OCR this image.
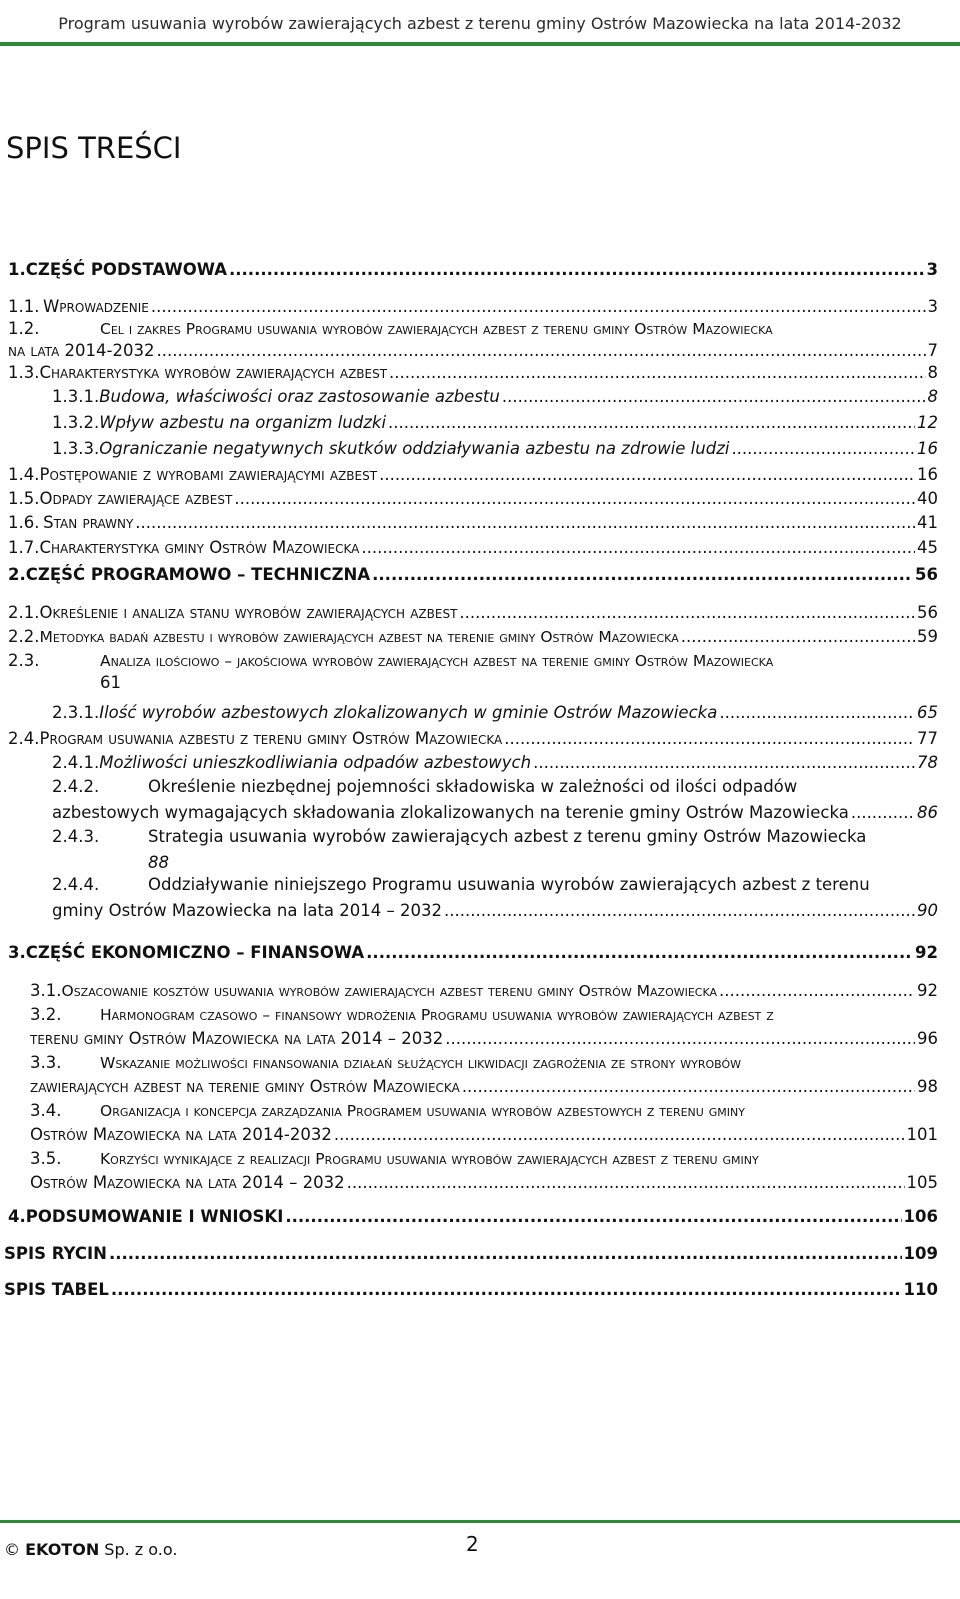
Program usuwania wyrobów zawierających azbest z terenu gminy Ostrów Mazowiecka na lata 2014-2032
SPIS TREŚCI
1. CZĘŚĆ PODSTAWOWA .....	3
1.1. Wprowadzenie .....	3
1.2.	Cel i zakres Programu usuwania wyrobów zawierających azbest z terenu gminy Ostrów Mazowiecka
na lata 2014-2032 .....	7
1.3. Charakterystyka wyrobów zawierających azbest .....	8
1.3.1. Budowa, właściwości oraz zastosowanie azbestu .....	8
1.3.2. Wpływ azbestu na organizm ludzki .....	12
1.3.3. Ograniczanie negatywnych skutków oddziaływania azbestu na zdrowie ludzi .....	16
1.4. Postępowanie z wyrobami zawierającymi azbest .....	16
1.5. Odpady zawierające azbest .....	40
1.6. Stan prawny .....	41
1.7. Charakterystyka gminy Ostrów Mazowiecka .....	45
2. CZĘŚĆ PROGRAMOWO – TECHNICZNA .....	56
2.1. Określenie i analiza stanu wyrobów zawierających azbest .....	56
2.2. Metodyka badań azbestu i wyrobów zawierających azbest na terenie gminy Ostrów Mazowiecka .....	59
2.3.	Analiza ilościowo – jakościowa wyrobów zawierających azbest na terenie gminy Ostrów Mazowiecka
61
2.3.1. Ilość wyrobów azbestowych zlokalizowanych w gminie Ostrów Mazowiecka .....	65
2.4. Program usuwania azbestu z terenu gminy Ostrów Mazowiecka .....	77
2.4.1. Możliwości unieszkodliwiania odpadów azbestowych .....	78
2.4.2.	Określenie niezbędnej pojemności składowiska w zależności od ilości odpadów
azbestowych wymagających składowania zlokalizowanych na terenie gminy Ostrów Mazowiecka .....	86
2.4.3.	Strategia usuwania wyrobów zawierających azbest z terenu gminy Ostrów Mazowiecka
88
2.4.4.	Oddziaływanie niniejszego Programu usuwania wyrobów zawierających azbest z terenu
gminy Ostrów Mazowiecka na lata 2014 – 2032 .....	90
3. CZĘŚĆ EKONOMICZNO – FINANSOWA .....	92
3.1. Oszacowanie kosztów usuwania wyrobów zawierających azbest terenu gminy Ostrów Mazowiecka .....	92
3.2.	Harmonogram czasowo – finansowy wdrożenia Programu usuwania wyrobów zawierających azbest z
terenu gminy Ostrów Mazowiecka na lata 2014 – 2032 .....	96
3.3.	Wskazanie możliwości finansowania działań służących likwidacji zagrożenia ze strony wyrobów
zawierających azbest na terenie gminy Ostrów Mazowiecka .....	98
3.4.	Organizacja i koncepcja zarządzania Programem usuwania wyrobów azbestowych z terenu gminy
Ostrów Mazowiecka na lata 2014-2032 .....	101
3.5.	Korzyści wynikające z realizacji Programu usuwania wyrobów zawierających azbest z terenu gminy
Ostrów Mazowiecka na lata 2014 – 2032 .....	105
4. PODSUMOWANIE I WNIOSKI .....	106
SPIS RYCIN .....	109
SPIS TABEL .....	110
© EKOTON Sp. z o.o.	2
